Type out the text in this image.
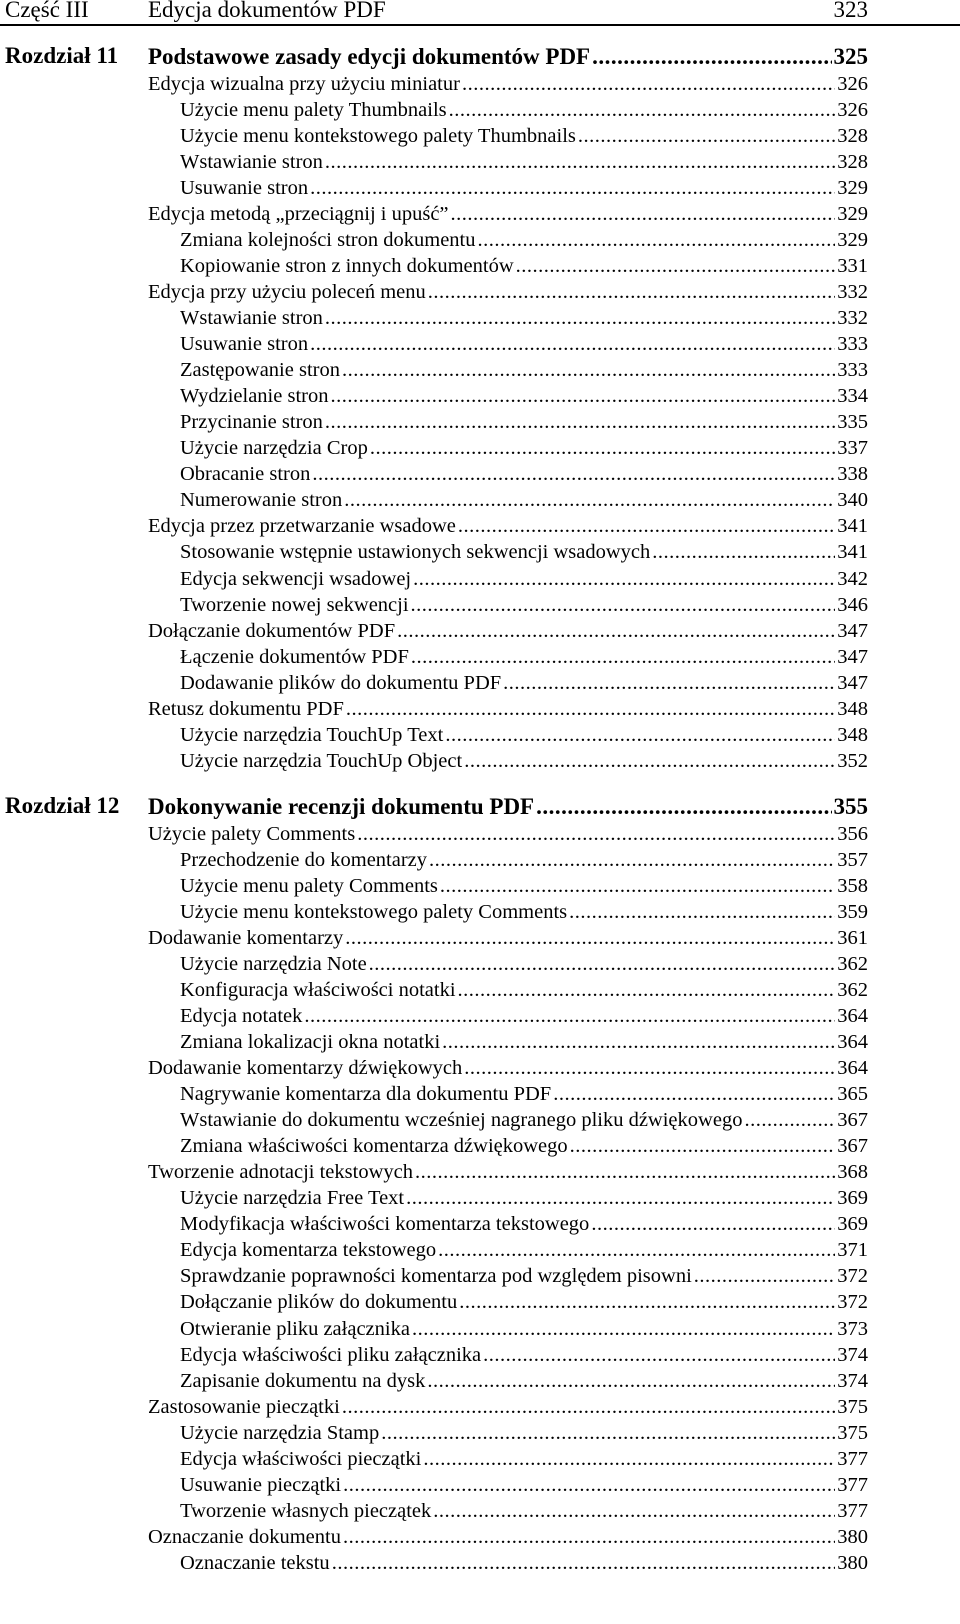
Część III	Edycja dokumentów PDF	323
Rozdział 11 Podstawowe zasady edycji dokumentów PDF .....	325
Edycja wizualna przy użyciu miniatur .....	326
Użycie menu palety Thumbnails .....	326
Użycie menu kontekstowego palety Thumbnails .....	328
Wstawianie stron .....	328
Usuwanie stron .....	329
Edycja metodą „przeciągnij i upuść” .....	329
Zmiana kolejności stron dokumentu .....	329
Kopiowanie stron z innych dokumentów .....	331
Edycja przy użyciu poleceń menu .....	332
Wstawianie stron .....	332
Usuwanie stron .....	333
Zastępowanie stron .....	333
Wydzielanie stron .....	334
Przycinanie stron .....	335
Użycie narzędzia Crop .....	337
Obracanie stron .....	338
Numerowanie stron .....	340
Edycja przez przetwarzanie wsadowe .....	341
Stosowanie wstępnie ustawionych sekwencji wsadowych .....	341
Edycja sekwencji wsadowej .....	342
Tworzenie nowej sekwencji .....	346
Dołączanie dokumentów PDF .....	347
Łączenie dokumentów PDF .....	347
Dodawanie plików do dokumentu PDF .....	347
Retusz dokumentu PDF .....	348
Użycie narzędzia TouchUp Text .....	348
Użycie narzędzia TouchUp Object .....	352
Rozdział 12 Dokonywanie recenzji dokumentu PDF .....	355
Użycie palety Comments .....	356
Przechodzenie do komentarzy .....	357
Użycie menu palety Comments .....	358
Użycie menu kontekstowego palety Comments .....	359
Dodawanie komentarzy .....	361
Użycie narzędzia Note .....	362
Konfiguracja właściwości notatki .....	362
Edycja notatek .....	364
Zmiana lokalizacji okna notatki .....	364
Dodawanie komentarzy dźwiękowych .....	364
Nagrywanie komentarza dla dokumentu PDF .....	365
Wstawianie do dokumentu wcześniej nagranego pliku dźwiękowego .....	367
Zmiana właściwości komentarza dźwiękowego .....	367
Tworzenie adnotacji tekstowych .....	368
Użycie narzędzia Free Text .....	369
Modyfikacja właściwości komentarza tekstowego .....	369
Edycja komentarza tekstowego .....	371
Sprawdzanie poprawności komentarza pod względem pisowni .....	372
Dołączanie plików do dokumentu .....	372
Otwieranie pliku załącznika .....	373
Edycja właściwości pliku załącznika .....	374
Zapisanie dokumentu na dysk .....	374
Zastosowanie pieczątki .....	375
Użycie narzędzia Stamp .....	375
Edycja właściwości pieczątki .....	377
Usuwanie pieczątki .....	377
Tworzenie własnych pieczątek .....	377
Oznaczanie dokumentu .....	380
Oznaczanie tekstu .....	380
